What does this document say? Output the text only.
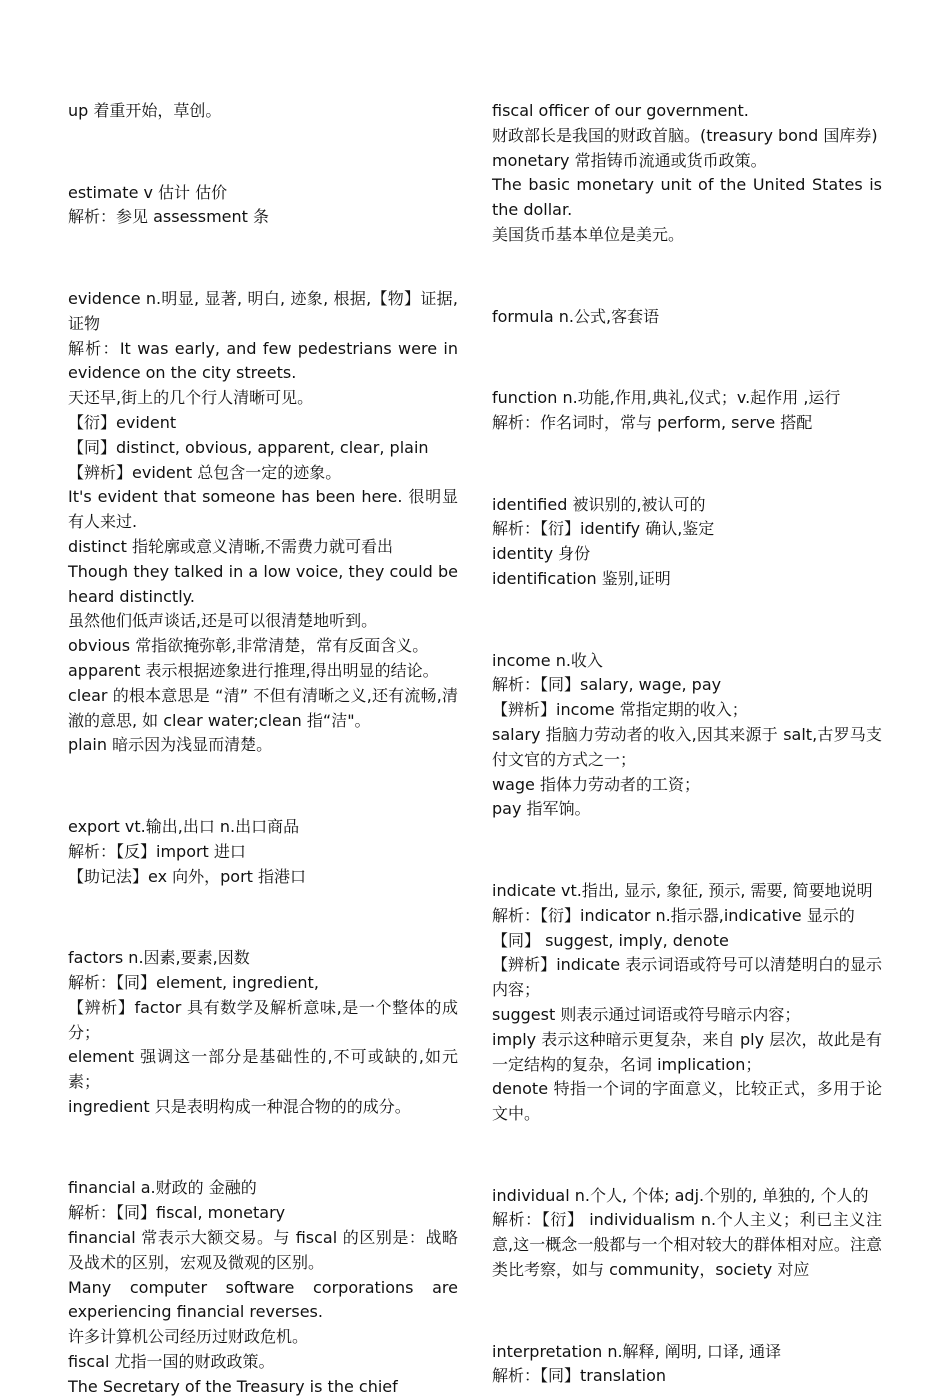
up 着重开始，草创。

estimate v 估计 估价

解析：参见 assessment 条

evidence n.明显, 显著, 明白, 迹象, 根据,【物】证据, 证物

解析：It was early, and few pedestrians were in evidence on the city streets.

天还早,街上的几个行人清晰可见。

【衍】evident

【同】distinct, obvious, apparent, clear, plain

【辨析】evident 总包含一定的迹象。

It's evident that someone has been here. 很明显有人来过.

distinct 指轮廓或意义清晰,不需费力就可看出

Though they talked in a low voice, they could be heard distinctly.

虽然他们低声谈话,还是可以很清楚地听到。

obvious 常指欲掩弥彰,非常清楚，常有反面含义。

apparent 表示根据迹象进行推理,得出明显的结论。

clear 的根本意思是 “清” 不但有清晰之义,还有流畅,清澈的意思, 如 clear water;clean 指“洁"。

plain 暗示因为浅显而清楚。

export vt.输出,出口 n.出口商品

解析：【反】import 进口

【助记法】ex 向外，port 指港口

factors n.因素,要素,因数

解析：【同】element, ingredient,

【辨析】factor 具有数学及解析意味,是一个整体的成分；

element 强调这一部分是基础性的,不可或缺的,如元素；

ingredient 只是表明构成一种混合物的的成分。

financial a.财政的 金融的

解析：【同】fiscal, monetary

financial 常表示大额交易。与 fiscal 的区别是：战略及战术的区别，宏观及微观的区别。

Many computer software corporations are experiencing financial reverses.

许多计算机公司经历过财政危机。

fiscal 尤指一国的财政政策。

The Secretary of the Treasury is the chief

fiscal officer of our government.

财政部长是我国的财政首脑。(treasury bond 国库券)

monetary 常指铸币流通或货币政策。

The basic monetary unit of the United States is the dollar.

美国货币基本单位是美元。

formula n.公式,客套语

function n.功能,作用,典礼,仪式；v.起作用 ,运行

解析：作名词时，常与 perform, serve 搭配

identified 被识别的,被认可的

解析：【衍】identify 确认,鉴定

identity 身份

identification 鉴别,证明

income n.收入

解析：【同】salary, wage, pay

【辨析】income 常指定期的收入；

salary 指脑力劳动者的收入,因其来源于 salt,古罗马支付文官的方式之一；

wage 指体力劳动者的工资；

pay 指军饷。

indicate vt.指出, 显示, 象征, 预示, 需要, 简要地说明

解析：【衍】indicator n.指示器,indicative 显示的

【同】 suggest, imply, denote

【辨析】indicate 表示词语或符号可以清楚明白的显示内容；

suggest 则表示通过词语或符号暗示内容；

imply 表示这种暗示更复杂，来自 ply 层次，故此是有一定结构的复杂，名词 implication；

denote 特指一个词的字面意义，比较正式，多用于论文中。

individual n.个人, 个体; adj.个别的, 单独的, 个人的

解析：【衍】 individualism n.个人主义；利已主义注意,这一概念一般都与一个相对较大的群体相对应。注意类比考察，如与 community，society 对应

interpretation n.解释, 阐明, 口译, 通译

解析：【同】translation
